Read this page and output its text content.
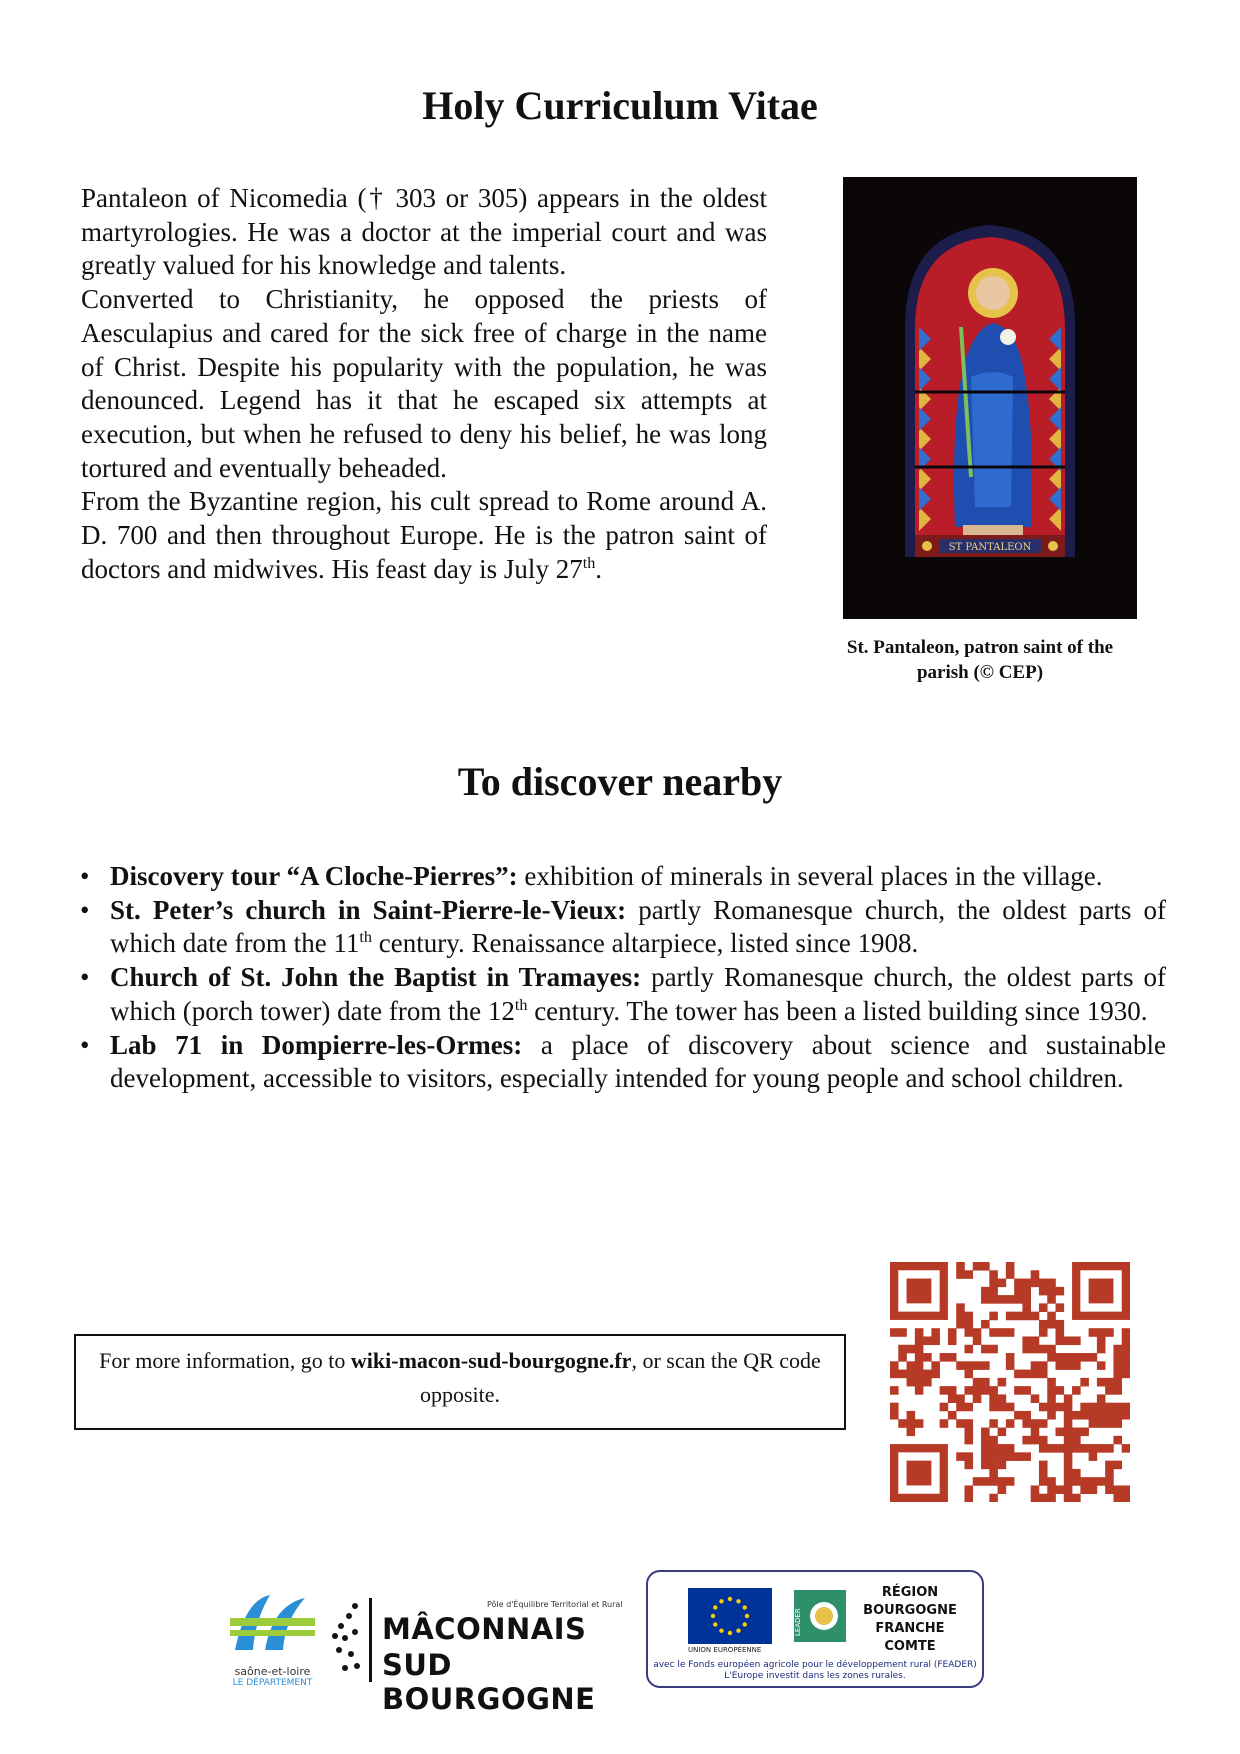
Holy Curriculum Vitae

Pantaleon of Nicomedia († 303 or 305) appears in the oldest martyrologies. He was a doctor at the imperial court and was greatly valued for his knowledge and talents.

Converted to Christianity, he opposed the priests of Aesculapius and cared for the sick free of charge in the name of Christ. Despite his popularity with the population, he was denounced. Legend has it that he escaped six attempts at execution, but when he refused to deny his belief, he was long tortured and eventually beheaded.

From the Byzantine region, his cult spread to Rome around A. D. 700 and then throughout Europe. He is the patron saint of doctors and midwives. His feast day is July 27th.

ST PANTALEON
St. Pantaleon, patron saint of the parish (© CEP)
To discover nearby
• Discovery tour “A Cloche-Pierres”: exhibition of minerals in several places in the village.
• St. Peter’s church in Saint-Pierre-le-Vieux: partly Romanesque church, the oldest parts of which date from the 11th century. Renaissance altarpiece, listed since 1908.
• Church of St. John the Baptist in Tramayes: partly Romanesque church, the oldest parts of which (porch tower) date from the 12th century. The tower has been a listed building since 1930.
• Lab 71 in Dompierre-les-Ormes: a place of discovery about science and sustainable development, accessible to visitors, especially intended for young people and school children.
For more information, go to wiki-macon-sud-bourgogne.fr, or scan the QR code opposite.
saône-et-loire
LE DÉPARTEMENT
Pôle d'Équilibre Territorial et Rural
MÂCONNAIS
SUD BOURGOGNE
UNION EUROPÉENNE
LEADER
RÉGION
BOURGOGNE
FRANCHE
COMTE
avec le Fonds européen agricole pour le développement rural (FEADER)
L'Europe investit dans les zones rurales.
